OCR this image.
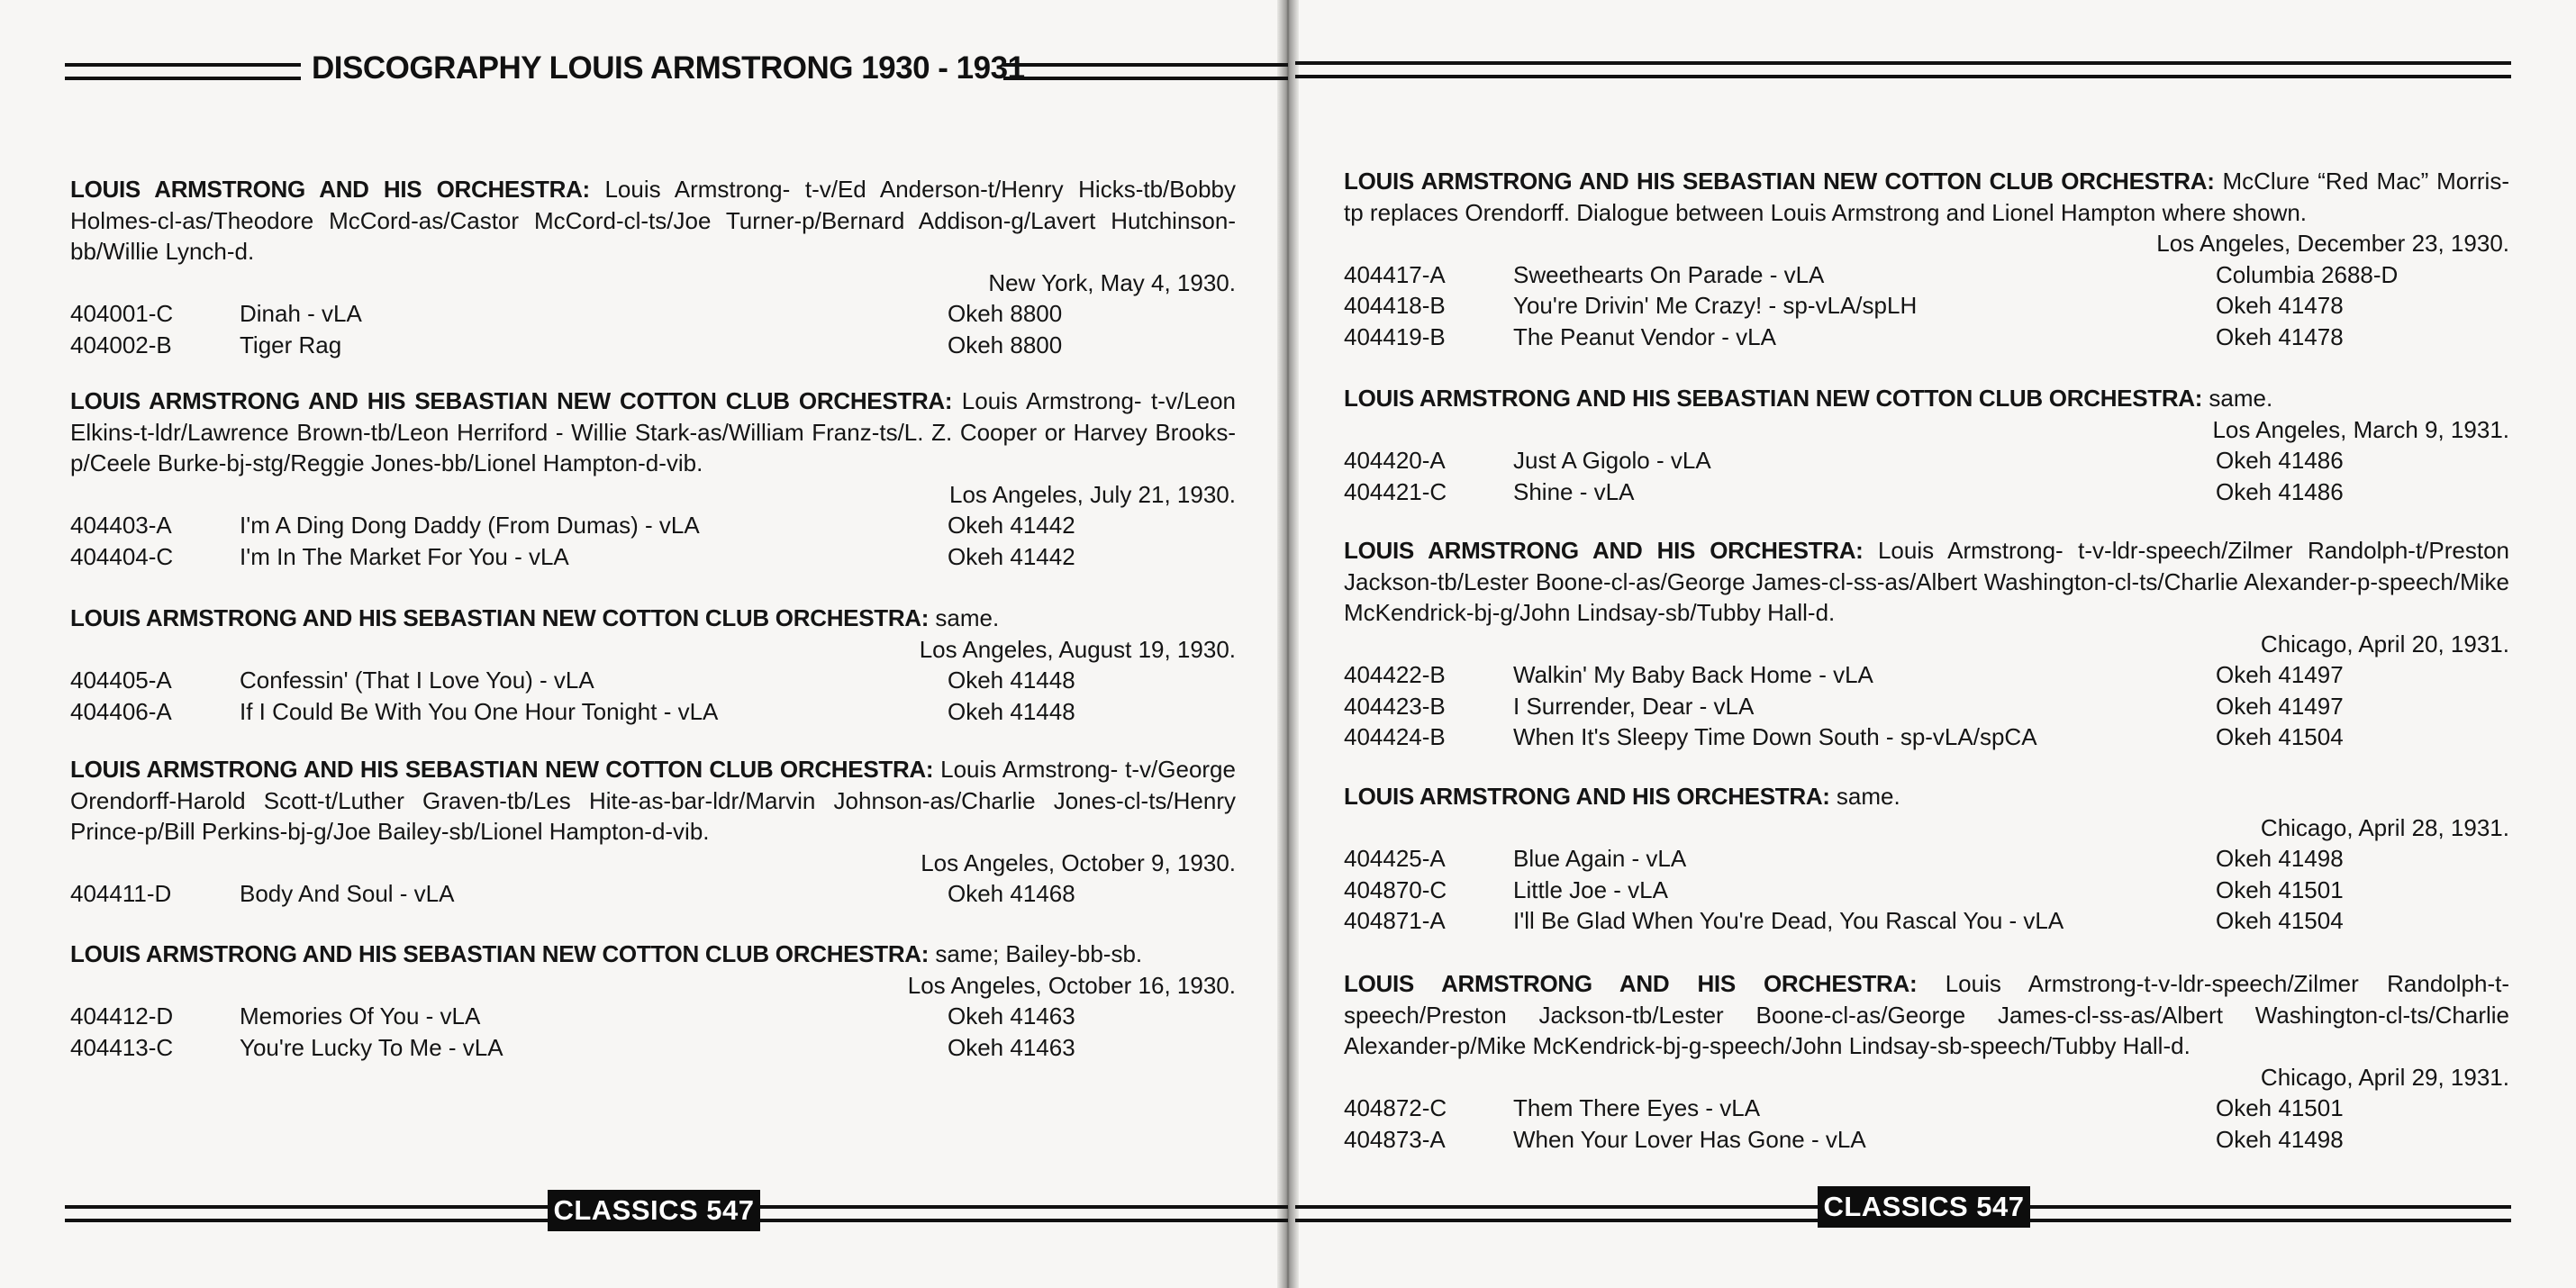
DISCOGRAPHY LOUIS ARMSTRONG 1930 - 1931
CLASSICS 547	CLASSICS 547
LOUIS ARMSTRONG AND HIS ORCHESTRA: Louis Armstrong- t-v/Ed Anderson-t/Henry Hicks-tb/Bobby Holmes-cl-as/Theodore McCord-as/Castor McCord-cl-ts/Joe Turner-p/Bernard Addison-g/Lavert Hutchinson-bb/Willie Lynch-d.
New York, May 4, 1930.
404001-C	Dinah - vLA	Okeh 8800
404002-B	Tiger Rag	Okeh 8800
LOUIS ARMSTRONG AND HIS SEBASTIAN NEW COTTON CLUB ORCHESTRA: Louis Armstrong- t-v/Leon Elkins-t-ldr/Lawrence Brown-tb/Leon Herriford - Willie Stark-as/William Franz-ts/L. Z. Cooper or Harvey Brooks-p/Ceele Burke-bj-stg/Reggie Jones-bb/Lionel Hampton-d-vib.
Los Angeles, July 21, 1930.
404403-A	I'm A Ding Dong Daddy (From Dumas) - vLA	Okeh 41442
404404-C	I'm In The Market For You - vLA	Okeh 41442
LOUIS ARMSTRONG AND HIS SEBASTIAN NEW COTTON CLUB ORCHESTRA: same.
Los Angeles, August 19, 1930.
404405-A	Confessin' (That I Love You) - vLA	Okeh 41448
404406-A	If I Could Be With You One Hour Tonight - vLA	Okeh 41448
LOUIS ARMSTRONG AND HIS SEBASTIAN NEW COTTON CLUB ORCHESTRA: Louis Armstrong- t-v/George Orendorff-Harold Scott-t/Luther Graven-tb/Les Hite-as-bar-ldr/Marvin Johnson-as/Charlie Jones-cl-ts/Henry Prince-p/Bill Perkins-bj-g/Joe Bailey-sb/Lionel Hampton-d-vib.
Los Angeles, October 9, 1930.
404411-D	Body And Soul - vLA	Okeh 41468
LOUIS ARMSTRONG AND HIS SEBASTIAN NEW COTTON CLUB ORCHESTRA: same; Bailey-bb-sb.
Los Angeles, October 16, 1930.
404412-D	Memories Of You - vLA	Okeh 41463
404413-C	You're Lucky To Me - vLA	Okeh 41463
LOUIS ARMSTRONG AND HIS SEBASTIAN NEW COTTON CLUB ORCHESTRA: McClure “Red Mac” Morris-tp replaces Orendorff. Dialogue between Louis Armstrong and Lionel Hampton where shown.
Los Angeles, December 23, 1930.
404417-A	Sweethearts On Parade - vLA	Columbia 2688-D
404418-B	You're Drivin' Me Crazy! - sp-vLA/spLH	Okeh 41478
404419-B	The Peanut Vendor - vLA	Okeh 41478
LOUIS ARMSTRONG AND HIS SEBASTIAN NEW COTTON CLUB ORCHESTRA: same.
Los Angeles, March 9, 1931.
404420-A	Just A Gigolo - vLA	Okeh 41486
404421-C	Shine - vLA	Okeh 41486
LOUIS ARMSTRONG AND HIS ORCHESTRA: Louis Armstrong- t-v-ldr-speech/Zilmer Randolph-t/Preston Jackson-tb/Lester Boone-cl-as/George James-cl-ss-as/Albert Washington-cl-ts/Charlie Alexander-p-speech/Mike McKendrick-bj-g/John Lindsay-sb/Tubby Hall-d.
Chicago, April 20, 1931.
404422-B	Walkin' My Baby Back Home - vLA	Okeh 41497
404423-B	I Surrender, Dear - vLA	Okeh 41497
404424-B	When It's Sleepy Time Down South - sp-vLA/spCA	Okeh 41504
LOUIS ARMSTRONG AND HIS ORCHESTRA: same.
Chicago, April 28, 1931.
404425-A	Blue Again - vLA	Okeh 41498
404870-C	Little Joe - vLA	Okeh 41501
404871-A	I'll Be Glad When You're Dead, You Rascal You - vLA	Okeh 41504
LOUIS ARMSTRONG AND HIS ORCHESTRA: Louis Armstrong-t-v-ldr-speech/Zilmer Randolph-t-speech/Preston Jackson-tb/Lester Boone-cl-as/George James-cl-ss-as/Albert Washington-cl-ts/Charlie Alexander-p/Mike McKendrick-bj-g-speech/John Lindsay-sb-speech/Tubby Hall-d.
Chicago, April 29, 1931.
404872-C	Them There Eyes - vLA	Okeh 41501
404873-A	When Your Lover Has Gone - vLA	Okeh 41498
